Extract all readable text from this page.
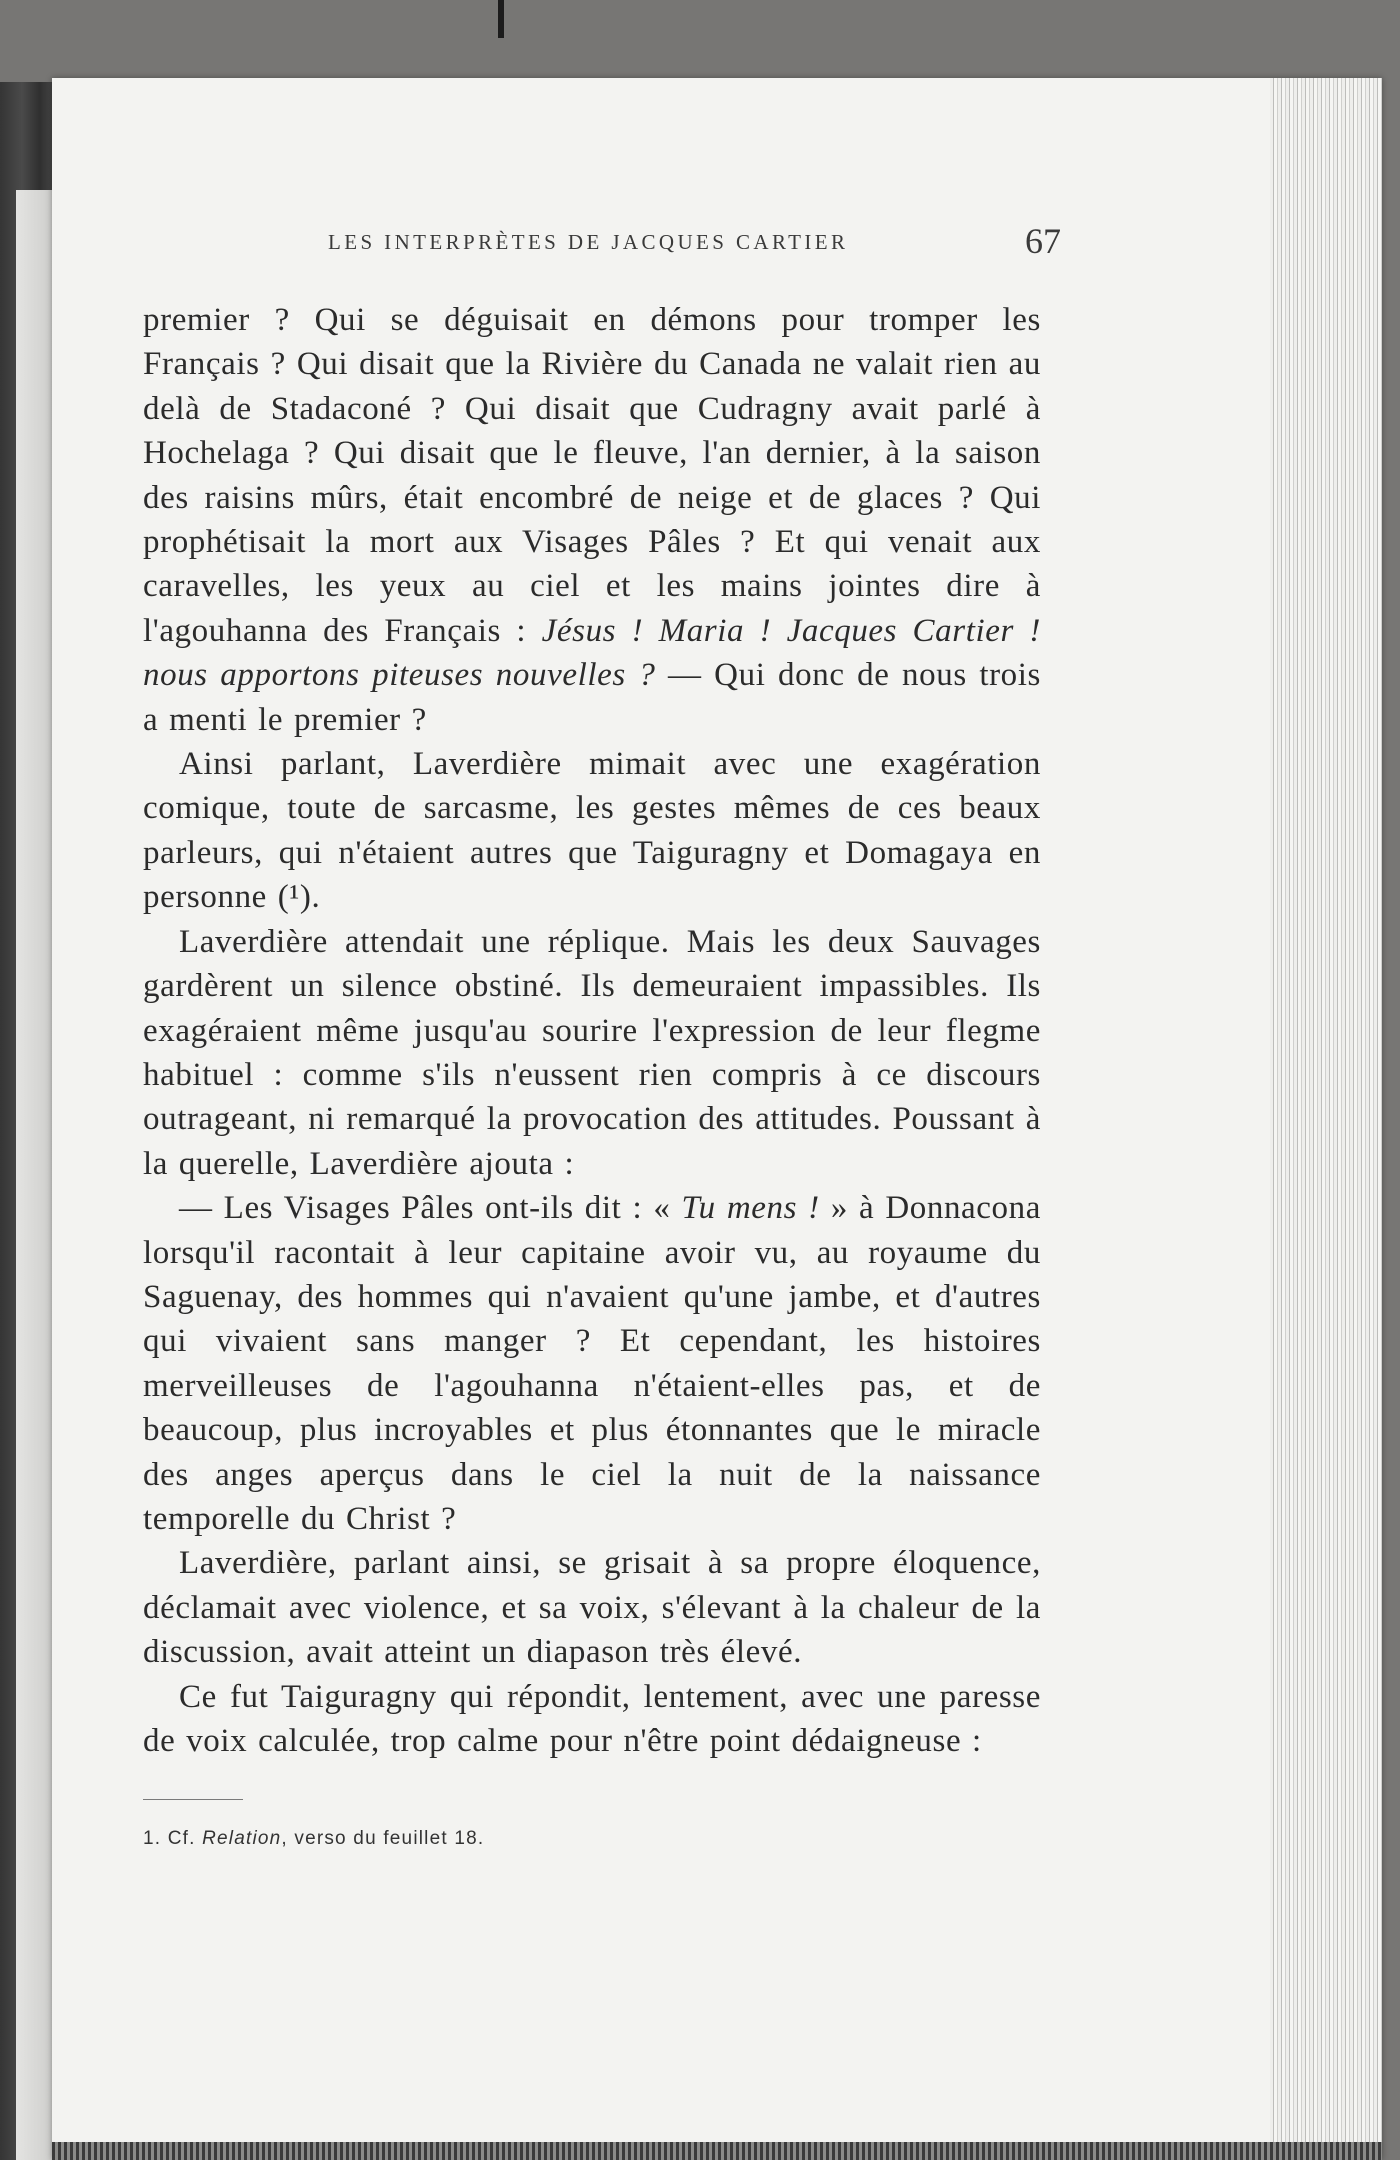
LES INTERPRÈTES DE JACQUES CARTIER	67

premier ? Qui se déguisait en démons pour tromper les Français ? Qui disait que la Rivière du Canada ne valait rien au delà de Stadaconé ? Qui disait que Cudragny avait parlé à Hochelaga ? Qui disait que le fleuve, l'an dernier, à la saison des raisins mûrs, était encombré de neige et de glaces ? Qui prophétisait la mort aux Visages Pâles ? Et qui venait aux caravelles, les yeux au ciel et les mains jointes dire à l'agouhanna des Français : Jésus ! Maria ! Jacques Cartier ! nous apportons piteuses nouvelles ? — Qui donc de nous trois a menti le premier ?

Ainsi parlant, Laverdière mimait avec une exagération comique, toute de sarcasme, les gestes mêmes de ces beaux parleurs, qui n'étaient autres que Taiguragny et Domagaya en personne (¹).

Laverdière attendait une réplique. Mais les deux Sauvages gardèrent un silence obstiné. Ils demeuraient impassibles. Ils exagéraient même jusqu'au sourire l'expression de leur flegme habituel : comme s'ils n'eussent rien compris à ce discours outrageant, ni remarqué la provocation des attitudes. Poussant à la querelle, Laverdière ajouta :

— Les Visages Pâles ont-ils dit : « Tu mens ! » à Donnacona lorsqu'il racontait à leur capitaine avoir vu, au royaume du Saguenay, des hommes qui n'avaient qu'une jambe, et d'autres qui vivaient sans manger ? Et cependant, les histoires merveilleuses de l'agouhanna n'étaient-elles pas, et de beaucoup, plus incroyables et plus étonnantes que le miracle des anges aperçus dans le ciel la nuit de la naissance temporelle du Christ ?

Laverdière, parlant ainsi, se grisait à sa propre éloquence, déclamait avec violence, et sa voix, s'élevant à la chaleur de la discussion, avait atteint un diapason très élevé.

Ce fut Taiguragny qui répondit, lentement, avec une paresse de voix calculée, trop calme pour n'être point dédaigneuse :

1. Cf. Relation, verso du feuillet 18.
